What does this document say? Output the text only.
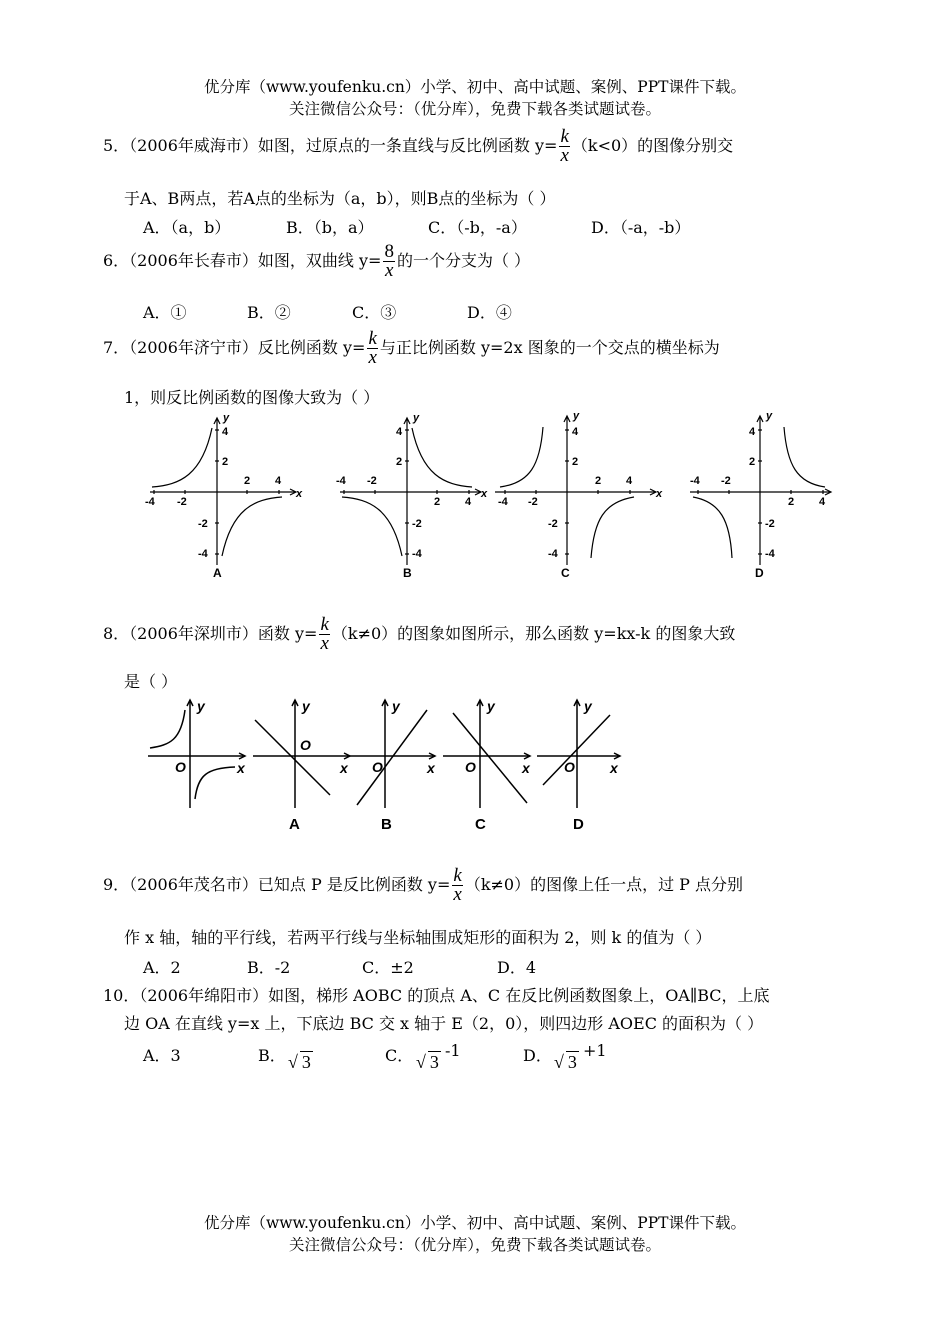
优分库（www.youfenku.cn）小学、初中、高中试题、案例、PPT课件下载。
关注微信公众号：（优分库），免费下载各类试题试卷。
5．（2006年威海市）如图，过原点的一条直线与反比例函数 $y= \frac{k}{x} (k<0)$的图像分别交
于A、B两点，若A点的坐标为（a，b），则B点的坐标为（ ）
A．（a，b）	B．（b，a）	C．（-b，-a）	D．（-a，-b）
6．（2006年长春市）如图，双曲线 $y= \frac{8}{x}$ 的一个分支为（ ）
A．①	B．②	C．③	D．④
7．（2006年济宁市）反比例函数 $y= \frac{k}{x}$ 与正比例函数 y=2x 图象的一个交点的横坐标为
1，则反比例函数的图像大致为（ ）
-4 -2
2 4
4
2
-2
-4
x
y
A
-4 -2
2 4
4
2
-2
-4
x
y
B
-4 -2
2 4
4
2
-2
-4
x
y
C
-4 -2
2 4
4
2
-2
-4
y
D
8．（2006年深圳市）函数 $y= \frac{k}{x} (k\ne 0)$的图象如图所示，那么函数 y=kx-k 的图象大致
是（ ）
O	x
y
O
x
y
O	x
y
O	x
y
O	x
y
A	B	C	D
9．（2006年茂名市）已知点 P 是反比例函数 $y= \frac{k}{x} (k\ne 0)$的图像上任一点，过 P 点分别
作 x 轴，轴的平行线，若两平行线与坐标轴围成矩形的面积为 2，则 k 的值为（ ）
A．2	B．-2	C．±2	D．4
10．（2006年绵阳市）如图，梯形 AOBC 的顶点 A、C 在反比例函数图象上，OA∥BC，上底
边 OA 在直线 y=x 上，下底边 BC 交 x 轴于 E（2，0），则四边形 AOEC 的面积为（ ）
A．3	B． √ 3	C． √ 3
-1	D． √ 3
+1
优分库（www.youfenku.cn）小学、初中、高中试题、案例、PPT课件下载。
关注微信公众号：（优分库），免费下载各类试题试卷。
